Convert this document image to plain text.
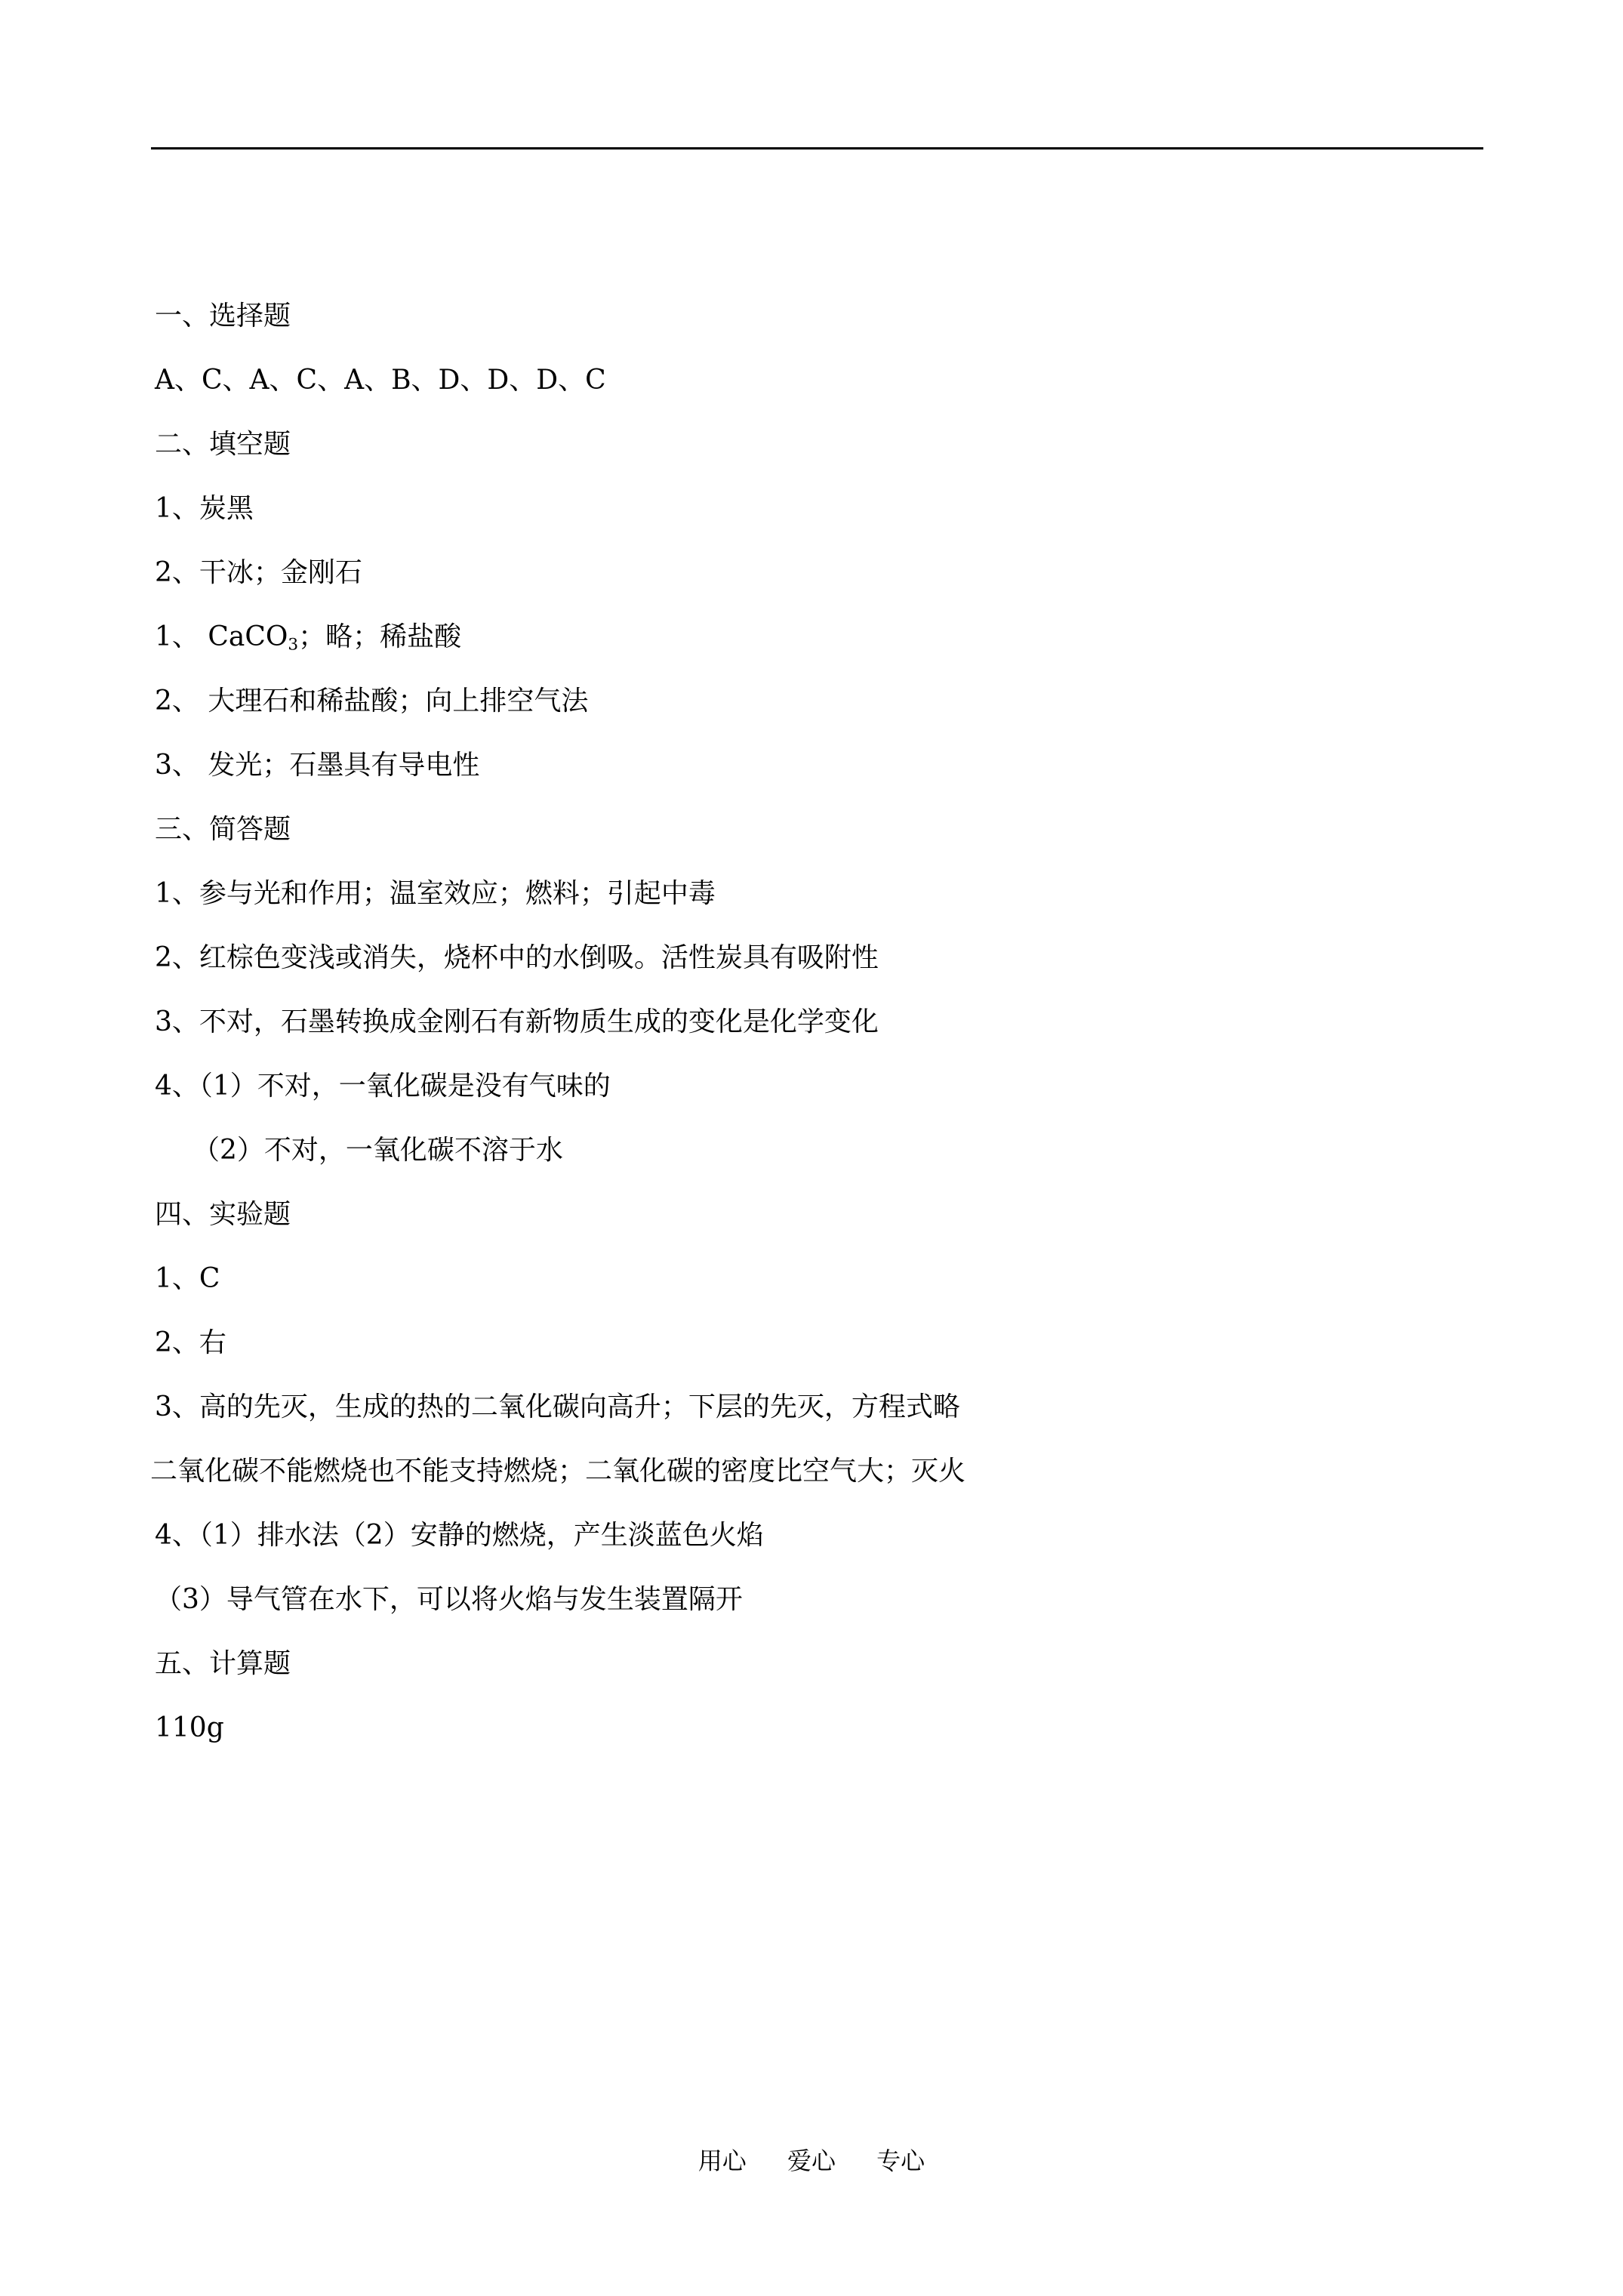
一、选择题
A、C、A、C、A、B、D、D、D、C
二、填空题
1、炭黑
2、干冰；金刚石
1、 CaCO$_3$；略；稀盐酸
2、 大理石和稀盐酸；向上排空气法
3、 发光；石墨具有导电性
三、简答题
1、参与光和作用；温室效应；燃料；引起中毒
2、红棕色变浅或消失，烧杯中的水倒吸。活性炭具有吸附性
3、不对，石墨转换成金刚石有新物质生成的变化是化学变化
4、（1）不对，一氧化碳是没有气味的
（2）不对，一氧化碳不溶于水
四、实验题
1、C
2、右
3、高的先灭，生成的热的二氧化碳向高升；下层的先灭，方程式略
二氧化碳不能燃烧也不能支持燃烧；二氧化碳的密度比空气大；灭火
4、（1）排水法（2）安静的燃烧，产生淡蓝色火焰
（3）导气管在水下，可以将火焰与发生装置隔开
五、计算题
110g
用心 爱心 专心
